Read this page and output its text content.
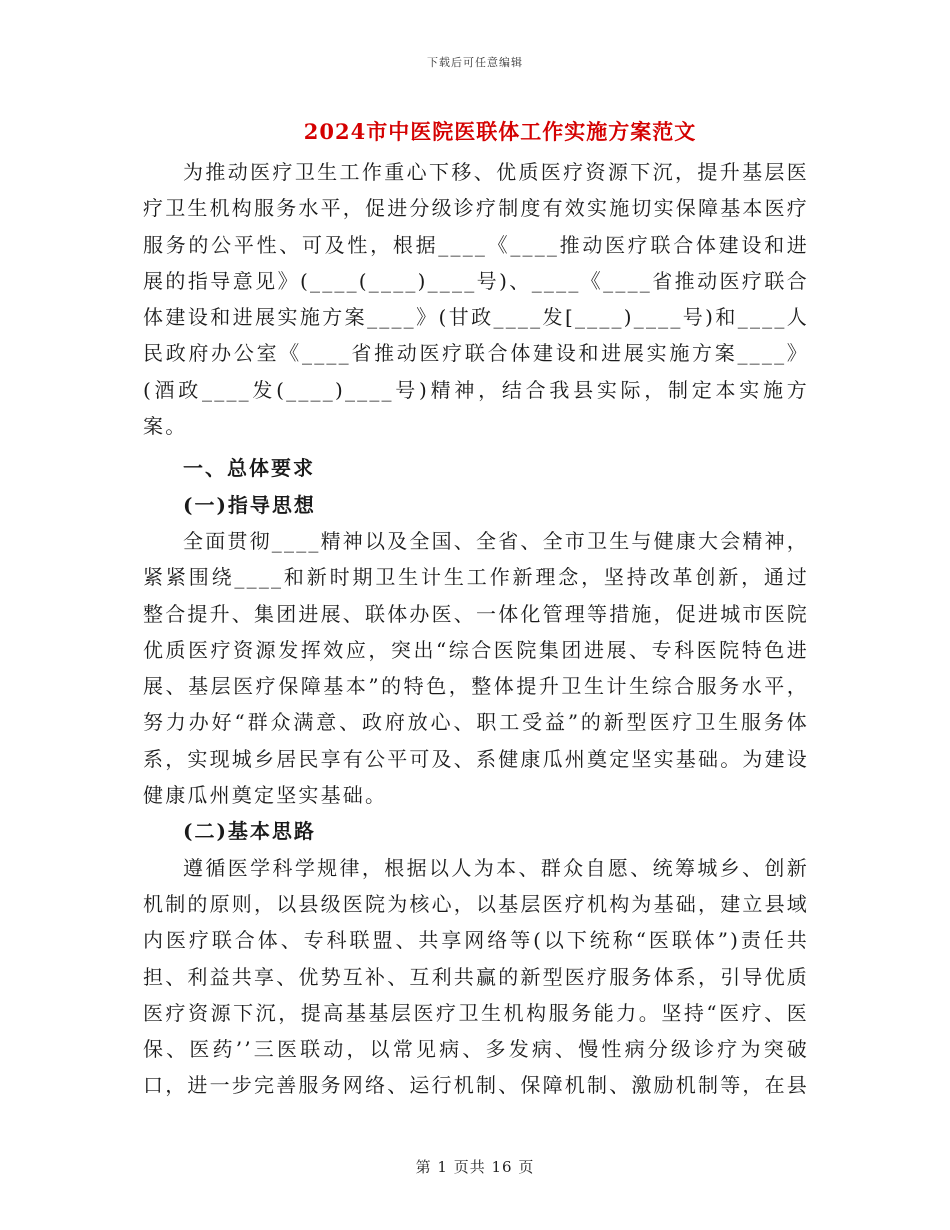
下载后可任意编辑
2024市中医院医联体工作实施方案范文

为推动医疗卫生工作重心下移、优质医疗资源下沉，提升基层医疗卫生机构服务水平，促进分级诊疗制度有效实施切实保障基本医疗服务的公平性、可及性，根据____《____推动医疗联合体建设和进展的指导意见》(____(____)____号)、____《____省推动医疗联合体建设和进展实施方案____》(甘政____发[____)____号)和____人民政府办公室《____省推动医疗联合体建设和进展实施方案____》(酒政____发(____)____号)精神，结合我县实际，制定本实施方案。

一、总体要求
(一)指导思想

全面贯彻____精神以及全国、全省、全市卫生与健康大会精神，紧紧围绕____和新时期卫生计生工作新理念，坚持改革创新，通过整合提升、集团进展、联体办医、一体化管理等措施，促进城市医院优质医疗资源发挥效应，突出“综合医院集团进展、专科医院特色进展、基层医疗保障基本”的特色，整体提升卫生计生综合服务水平，努力办好“群众满意、政府放心、职工受益”的新型医疗卫生服务体系，实现城乡居民享有公平可及、系健康瓜州奠定坚实基础。为建设健康瓜州奠定坚实基础。

(二)基本思路

遵循医学科学规律，根据以人为本、群众自愿、统筹城乡、创新机制的原则，以县级医院为核心，以基层医疗机构为基础，建立县域内医疗联合体、专科联盟、共享网络等(以下统称“医联体”)责任共担、利益共享、优势互补、互利共赢的新型医疗服务体系，引导优质医疗资源下沉，提高基基层医疗卫生机构服务能力。坚持“医疗、医保、医药’’三医联动，以常见病、多发病、慢性病分级诊疗为突破口，进一步完善服务网络、运行机制、保障机制、激励机制等，在县

第 1 页共 16 页
